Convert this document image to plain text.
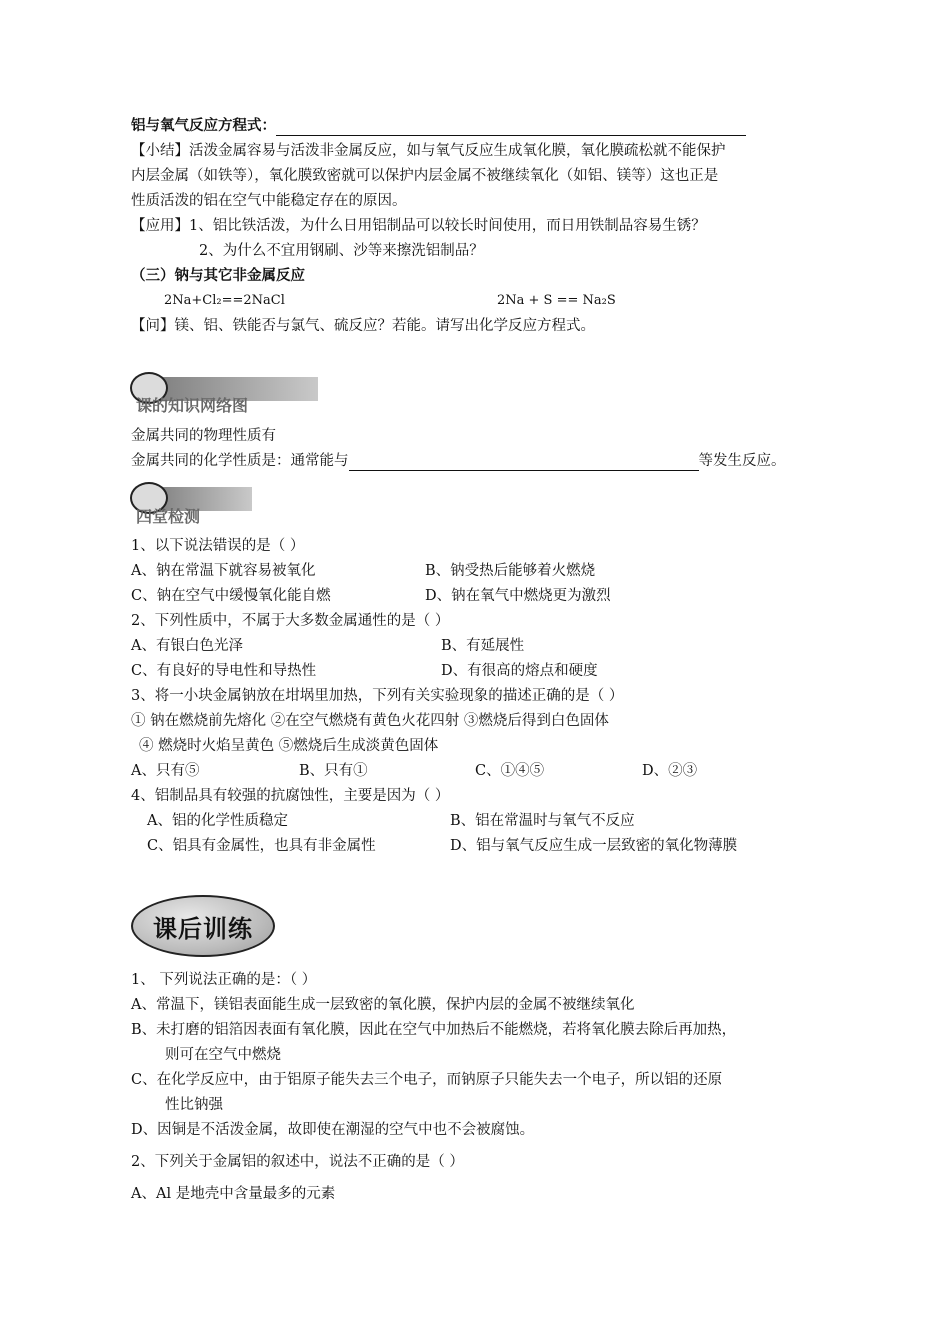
铝与氧气反应方程式：
【小结】活泼金属容易与活泼非金属反应，如与氧气反应生成氧化膜，氧化膜疏松就不能保护
内层金属（如铁等），氧化膜致密就可以保护内层金属不被继续氧化（如铝、镁等）这也正是
性质活泼的铝在空气中能稳定存在的原因。
【应用】1、铝比铁活泼，为什么日用铝制品可以较长时间使用，而日用铁制品容易生锈？
2、为什么不宜用钢刷、沙等来擦洗铝制品？
（三）钠与其它非金属反应
2Na+Cl₂==2NaCl	2Na + S == Na₂S
【问】镁、铝、铁能否与氯气、硫反应？若能。请写出化学反应方程式。
课的知识网络图
金属共同的物理性质有
金属共同的化学性质是：通常能与	等发生反应。
四堂检测
1、以下说法错误的是（ ）
A、钠在常温下就容易被氧化	B、钠受热后能够着火燃烧
C、钠在空气中缓慢氧化能自燃	D、钠在氧气中燃烧更为激烈
2、下列性质中，不属于大多数金属通性的是（ ）
A、有银白色光泽	B、有延展性
C、有良好的导电性和导热性	D、有很高的熔点和硬度
3、将一小块金属钠放在坩埚里加热，下列有关实验现象的描述正确的是（ ）
① 钠在燃烧前先熔化 ②在空气燃烧有黄色火花四射 ③燃烧后得到白色固体
④ 燃烧时火焰呈黄色 ⑤燃烧后生成淡黄色固体
A、只有⑤	B、只有①	C、①④⑤	D、②③
4、铝制品具有较强的抗腐蚀性，主要是因为（ ）
A、铝的化学性质稳定	B、铝在常温时与氧气不反应
C、铝具有金属性，也具有非金属性	D、铝与氧气反应生成一层致密的氧化物薄膜
课后训练
1、 下列说法正确的是：（ ）
A、常温下，镁铝表面能生成一层致密的氧化膜，保护内层的金属不被继续氧化
B、未打磨的铝箔因表面有氧化膜，因此在空气中加热后不能燃烧，若将氧化膜去除后再加热，
则可在空气中燃烧
C、在化学反应中，由于铝原子能失去三个电子，而钠原子只能失去一个电子，所以铝的还原
性比钠强
D、因铜是不活泼金属，故即使在潮湿的空气中也不会被腐蚀。
2、下列关于金属铝的叙述中，说法不正确的是（ ）
A、Al 是地壳中含量最多的元素
